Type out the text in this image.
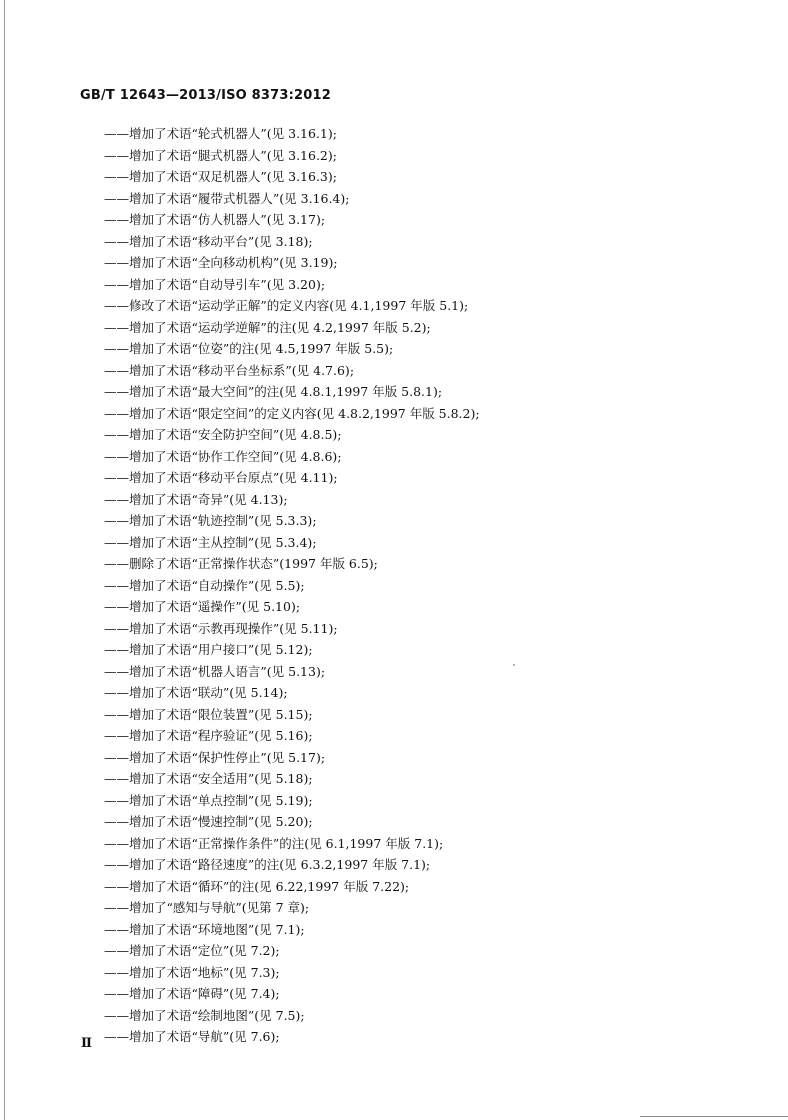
GB/T 12643—2013/ISO 8373:2012
——增加了术语“轮式机器人”(见 3.16.1);
——增加了术语“腿式机器人”(见 3.16.2);
——增加了术语“双足机器人”(见 3.16.3);
——增加了术语“履带式机器人”(见 3.16.4);
——增加了术语“仿人机器人”(见 3.17);
——增加了术语“移动平台”(见 3.18);
——增加了术语“全向移动机构”(见 3.19);
——增加了术语“自动导引车”(见 3.20);
——修改了术语“运动学正解”的定义内容(见 4.1,1997 年版 5.1);
——增加了术语“运动学逆解”的注(见 4.2,1997 年版 5.2);
——增加了术语“位姿”的注(见 4.5,1997 年版 5.5);
——增加了术语“移动平台坐标系”(见 4.7.6);
——增加了术语“最大空间”的注(见 4.8.1,1997 年版 5.8.1);
——增加了术语“限定空间”的定义内容(见 4.8.2,1997 年版 5.8.2);
——增加了术语“安全防护空间”(见 4.8.5);
——增加了术语“协作工作空间”(见 4.8.6);
——增加了术语“移动平台原点”(见 4.11);
——增加了术语“奇异”(见 4.13);
——增加了术语“轨迹控制”(见 5.3.3);
——增加了术语“主从控制”(见 5.3.4);
——删除了术语“正常操作状态”(1997 年版 6.5);
——增加了术语“自动操作”(见 5.5);
——增加了术语“遥操作”(见 5.10);
——增加了术语“示教再现操作”(见 5.11);
——增加了术语“用户接口”(见 5.12);
——增加了术语“机器人语言”(见 5.13);
——增加了术语“联动”(见 5.14);
——增加了术语“限位装置”(见 5.15);
——增加了术语“程序验证”(见 5.16);
——增加了术语“保护性停止”(见 5.17);
——增加了术语“安全适用”(见 5.18);
——增加了术语“单点控制”(见 5.19);
——增加了术语“慢速控制”(见 5.20);
——增加了术语“正常操作条件”的注(见 6.1,1997 年版 7.1);
——增加了术语“路径速度”的注(见 6.3.2,1997 年版 7.1);
——增加了术语“循环”的注(见 6.22,1997 年版 7.22);
——增加了“感知与导航”(见第 7 章);
——增加了术语“环境地图”(见 7.1);
——增加了术语“定位”(见 7.2);
——增加了术语“地标”(见 7.3);
——增加了术语“障碍”(见 7.4);
——增加了术语“绘制地图”(见 7.5);
——增加了术语“导航”(见 7.6);
Ⅱ
